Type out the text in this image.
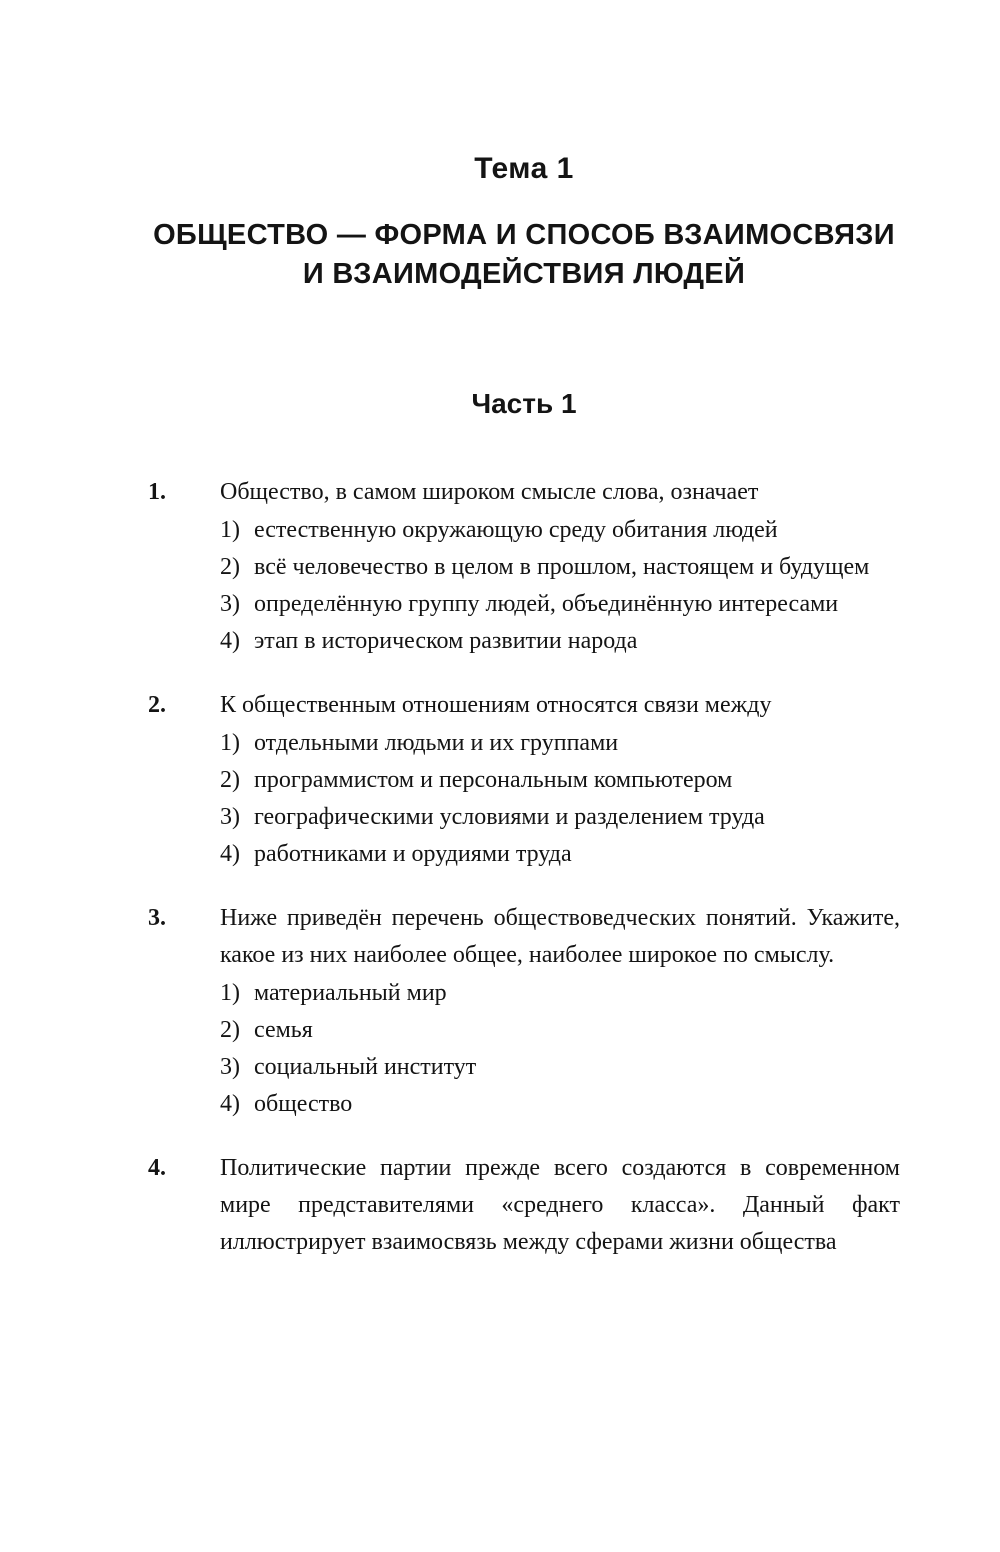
Тема 1
ОБЩЕСТВО — ФОРМА И СПОСОБ ВЗАИМОСВЯЗИ И ВЗАИМОДЕЙСТВИЯ ЛЮДЕЙ
Часть 1
1.	Общество, в самом широком смысле слова, означает

1) естественную окружающую среду обитания людей
2) всё человечество в целом в прошлом, настоящем и будущем
3) определённую группу людей, объединённую интересами
4) этап в историческом развитии народа
2.	К общественным отношениям относятся связи между

1) отдельными людьми и их группами
2) программистом и персональным компьютером
3) географическими условиями и разделением труда
4) работниками и орудиями труда
3.	Ниже приведён перечень обществоведческих понятий. Укажите, какое из них наиболее общее, наиболее широкое по смыслу.

1) материальный мир
2) семья
3) социальный институт
4) общество
4.	Политические партии прежде всего создаются в современном мире представителями «среднего класса». Данный факт иллюстрирует взаимосвязь между сферами жизни общества
